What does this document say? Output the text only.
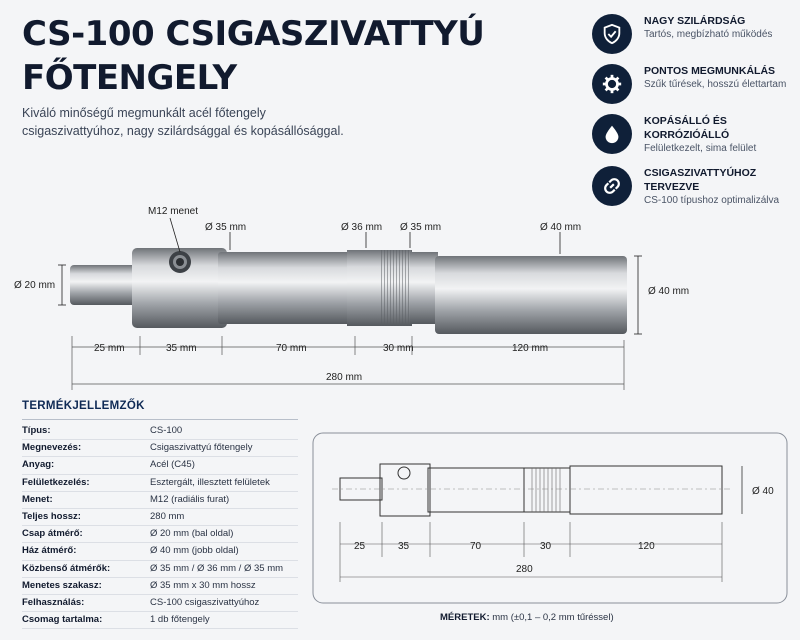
CS-100 CSIGASZIVATTYÚ
FŐTENGELY
Kiváló minőségű megmunkált acél főtengely csigaszivattyúhoz, nagy szilárdsággal és kopásállósággal.
NAGY SZILÁRDSÁG
Tartós, megbízható működés
PONTOS MEGMUNKÁLÁS
Szűk tűrések, hosszú élettartam
KOPÁSÁLLÓ ÉS KORRÓZIÓÁLLÓ
Felületkezelt, sima felület
CSIGASZIVATTYÚHOZ TERVEZVE
CS-100 típushoz optimalizálva
M12 menet
Ø 35 mm	Ø 36 mm Ø 35 mm	Ø 40 mm
Ø 20 mm
Ø 40 mm
25 mm	35 mm	70 mm	30 mm	120 mm
280 mm
TERMÉKJELLEMZŐK
Típus:	CS-100
Megnevezés:	Csigaszivattyú főtengely
Anyag:	Acél (C45)
Felületkezelés:	Esztergált, illesztett felületek
Menet:	M12 (radiális furat)
Teljes hossz:	280 mm
Csap átmérő:	Ø 20 mm (bal oldal)
Ház átmérő:	Ø 40 mm (jobb oldal)
Közbenső átmérők:	Ø 35 mm / Ø 36 mm / Ø 35 mm
Menetes szakasz:	Ø 35 mm x 30 mm hossz
Felhasználás:	CS-100 csigaszivattyúhoz
Csomag tartalma:	1 db főtengely
Ø 40
25	35	70	30	120
280
MÉRETEK: mm (±0,1 – 0,2 mm tűréssel)
